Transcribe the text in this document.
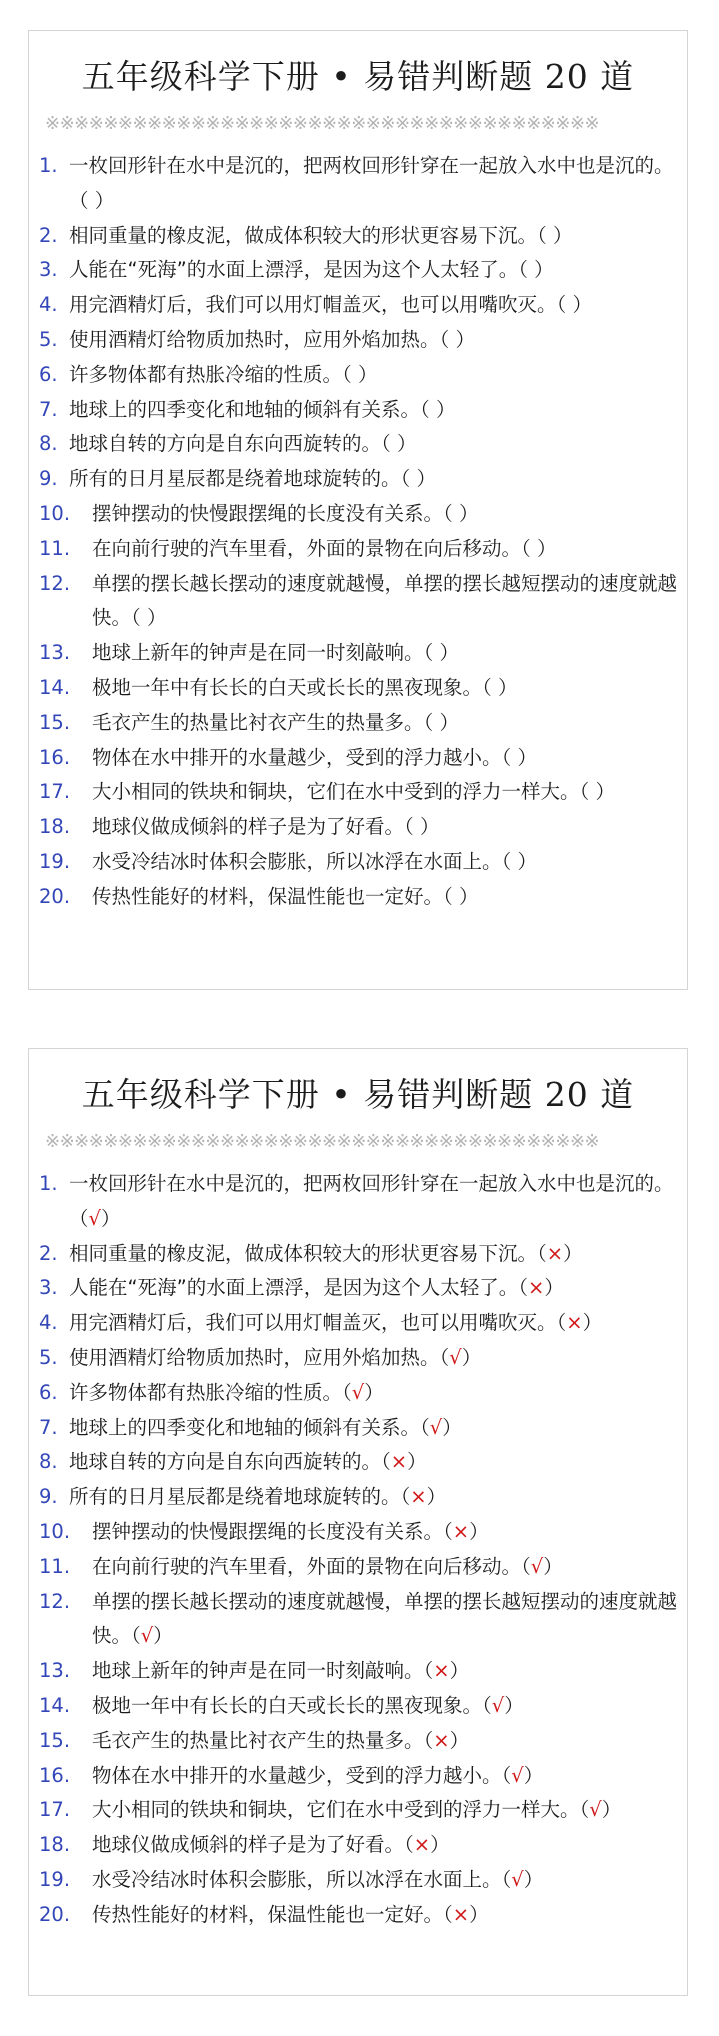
五年级科学下册 • 易错判断题 20 道
※※※※※※※※※※※※※※※※※※※※※※※※※※※※※※※※※※※※※※
1. 一枚回形针在水中是沉的，把两枚回形针穿在一起放入水中也是沉的。（ ）
2. 相同重量的橡皮泥，做成体积较大的形状更容易下沉。（ ）
3. 人能在“死海”的水面上漂浮，是因为这个人太轻了。（ ）
4. 用完酒精灯后，我们可以用灯帽盖灭，也可以用嘴吹灭。（ ）
5. 使用酒精灯给物质加热时，应用外焰加热。（ ）
6. 许多物体都有热胀冷缩的性质。（ ）
7. 地球上的四季变化和地轴的倾斜有关系。（ ）
8. 地球自转的方向是自东向西旋转的。（ ）
9. 所有的日月星辰都是绕着地球旋转的。（ ）
10. 摆钟摆动的快慢跟摆绳的长度没有关系。（ ）
11. 在向前行驶的汽车里看，外面的景物在向后移动。（ ）
12. 单摆的摆长越长摆动的速度就越慢，单摆的摆长越短摆动的速度就越快。（ ）
13. 地球上新年的钟声是在同一时刻敲响。（ ）
14. 极地一年中有长长的白天或长长的黑夜现象。（ ）
15. 毛衣产生的热量比衬衣产生的热量多。（ ）
16. 物体在水中排开的水量越少，受到的浮力越小。（ ）
17. 大小相同的铁块和铜块，它们在水中受到的浮力一样大。（ ）
18. 地球仪做成倾斜的样子是为了好看。（ ）
19. 水受冷结冰时体积会膨胀，所以冰浮在水面上。（ ）
20. 传热性能好的材料，保温性能也一定好。（ ）
五年级科学下册 • 易错判断题 20 道
※※※※※※※※※※※※※※※※※※※※※※※※※※※※※※※※※※※※※※
1. 一枚回形针在水中是沉的，把两枚回形针穿在一起放入水中也是沉的。（√）
2. 相同重量的橡皮泥，做成体积较大的形状更容易下沉。（×）
3. 人能在“死海”的水面上漂浮，是因为这个人太轻了。（×）
4. 用完酒精灯后，我们可以用灯帽盖灭，也可以用嘴吹灭。（×）
5. 使用酒精灯给物质加热时，应用外焰加热。（√）
6. 许多物体都有热胀冷缩的性质。（√）
7. 地球上的四季变化和地轴的倾斜有关系。（√）
8. 地球自转的方向是自东向西旋转的。（×）
9. 所有的日月星辰都是绕着地球旋转的。（×）
10. 摆钟摆动的快慢跟摆绳的长度没有关系。（×）
11. 在向前行驶的汽车里看，外面的景物在向后移动。（√）
12. 单摆的摆长越长摆动的速度就越慢，单摆的摆长越短摆动的速度就越快。（√）
13. 地球上新年的钟声是在同一时刻敲响。（×）
14. 极地一年中有长长的白天或长长的黑夜现象。（√）
15. 毛衣产生的热量比衬衣产生的热量多。（×）
16. 物体在水中排开的水量越少，受到的浮力越小。（√）
17. 大小相同的铁块和铜块，它们在水中受到的浮力一样大。（√）
18. 地球仪做成倾斜的样子是为了好看。（×）
19. 水受冷结冰时体积会膨胀，所以冰浮在水面上。（√）
20. 传热性能好的材料，保温性能也一定好。（×）
